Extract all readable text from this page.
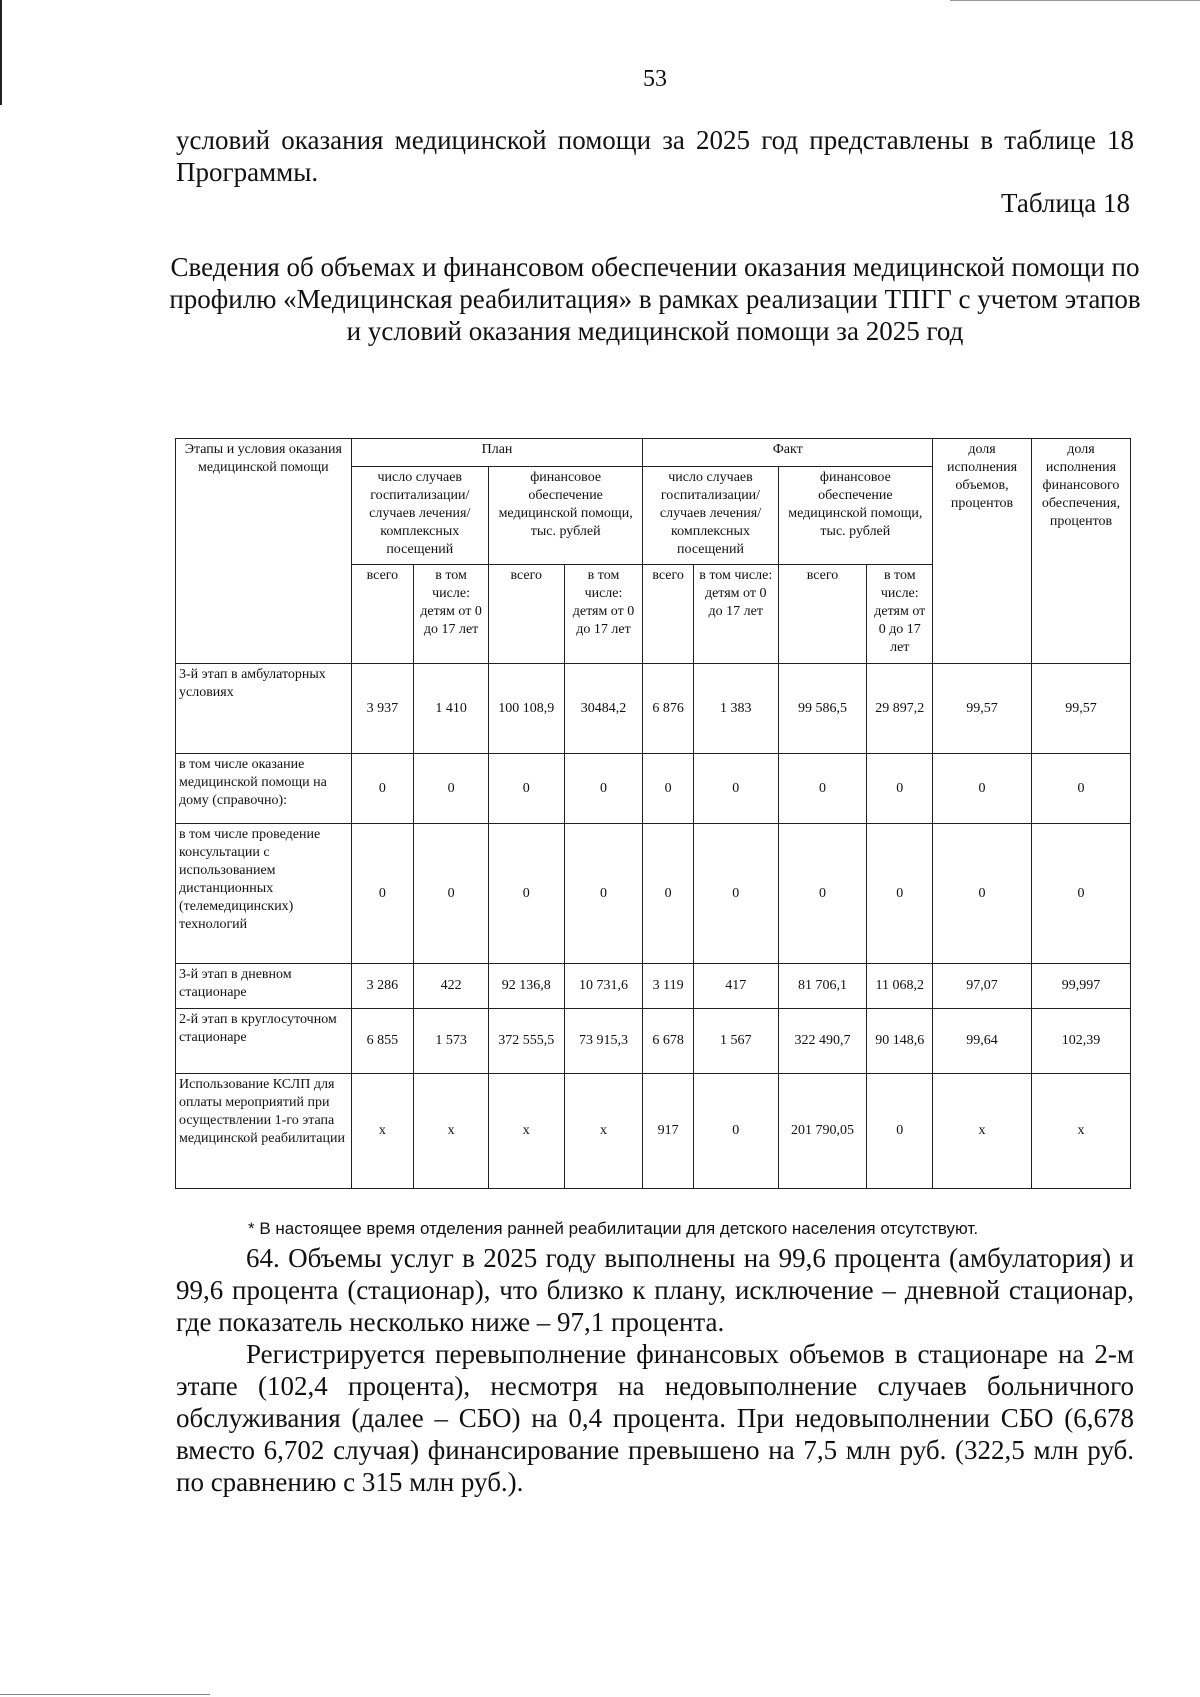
53
условий оказания медицинской помощи за 2025 год представлены в таблице 18 Программы.
Таблица 18
Сведения об объемах и финансовом обеспечении оказания медицинской помощи по профилю «Медицинская реабилитация» в рамках реализации ТПГГ с учетом этапов и условий оказания медицинской помощи за 2025 год
Этапы и условия оказания медицинской помощи	План				Факт				доля исполнения объемов, процентов	доля исполнения финансового обеспечения, процентов
	число случаев госпитализации/ случаев лечения/ комплексных посещений		финансовое обеспечение медицинской помощи, тыс. рублей		число случаев госпитализации/ случаев лечения/ комплексных посещений		финансовое обеспечение медицинской помощи, тыс. рублей			
	всего	в том числе: детям от 0 до 17 лет	всего	в том числе: детям от 0 до 17 лет	всего	в том числе: детям от 0 до 17 лет	всего	в том числе: детям от 0 до 17 лет		
3-й этап в амбулаторных условиях	3 937	1 410	100 108,9	30484,2	6 876	1 383	99 586,5	29 897,2	99,57	99,57
в том числе оказание медицинской помощи на дому (справочно):	0	0	0	0	0	0	0	0	0	0
в том числе проведение консультации с использованием дистанционных (телемедицинских) технологий	0	0	0	0	0	0	0	0	0	0
3-й этап в дневном стационаре	3 286	422	92 136,8	10 731,6	3 119	417	81 706,1	11 068,2	97,07	99,997
2-й этап в круглосуточном стационаре	6 855	1 573	372 555,5	73 915,3	6 678	1 567	322 490,7	90 148,6	99,64	102,39
Использование КСЛП для оплаты мероприятий при осуществлении 1-го этапа медицинской реабилитации	х	х	х	х	917	0	201 790,05	0	х	х
* В настоящее время отделения ранней реабилитации для детского населения отсутствуют.
64. Объемы услуг в 2025 году выполнены на 99,6 процента (амбулатория) и 99,6 процента (стационар), что близко к плану, исключение – дневной стационар, где показатель несколько ниже – 97,1 процента.
Регистрируется перевыполнение финансовых объемов в стационаре на 2-м этапе (102,4 процента), несмотря на недовыполнение случаев больничного обслуживания (далее – СБО) на 0,4 процента. При недовыполнении СБО (6,678 вместо 6,702 случая) финансирование превышено на 7,5 млн руб. (322,5 млн руб. по сравнению с 315 млн руб.).
